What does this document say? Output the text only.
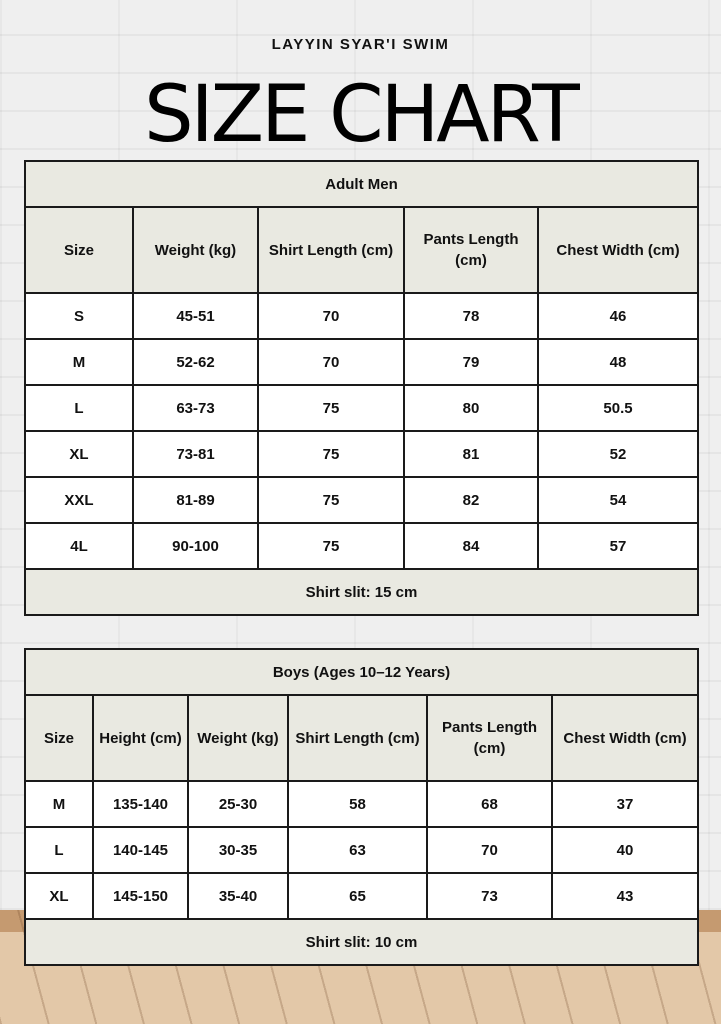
LAYYIN SYAR'I SWIM
SIZE CHART
Adult Men				
Size	Weight (kg)	Shirt Length (cm)	Pants Length (cm)	Chest Width (cm)
S	45-51	70	78	46
M	52-62	70	79	48
L	63-73	75	80	50.5
XL	73-81	75	81	52
XXL	81-89	75	82	54
4L	90-100	75	84	57
Shirt slit: 15 cm				
Boys (Ages 10–12 Years)					
Size	Height (cm)	Weight (kg)	Shirt Length (cm)	Pants Length (cm)	Chest Width (cm)
M	135-140	25-30	58	68	37
L	140-145	30-35	63	70	40
XL	145-150	35-40	65	73	43
Shirt slit: 10 cm					
